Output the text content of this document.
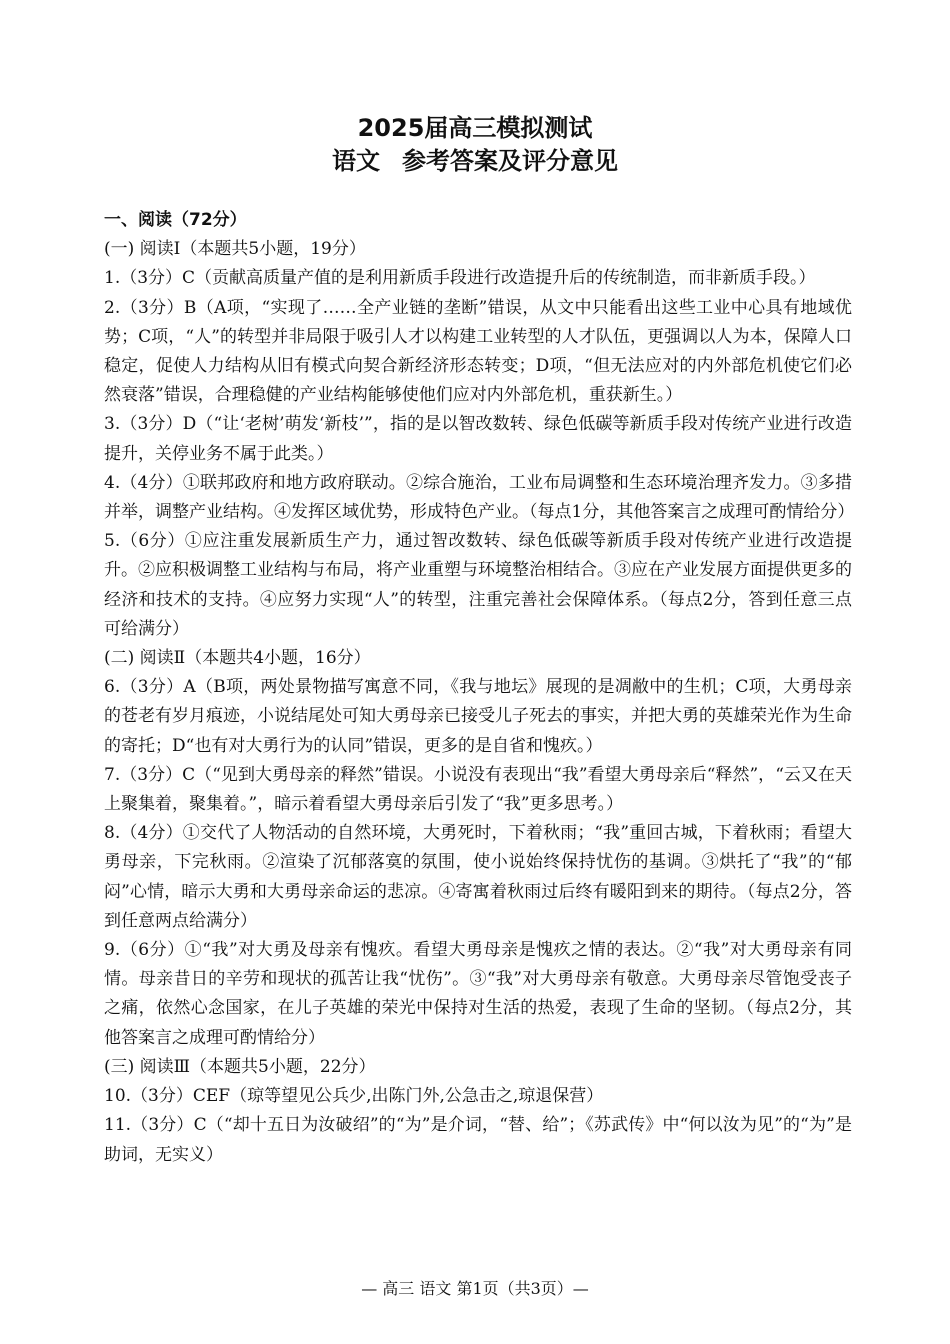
2025届高三模拟测试
语文 参考答案及评分意见

一、阅读（72分）

(一) 阅读Ⅰ（本题共5小题，19分）

1.（3分）C（贡献高质量产值的是利用新质手段进行改造提升后的传统制造，而非新质手段。）

2.（3分）B（A项，“实现了……全产业链的垄断”错误，从文中只能看出这些工业中心具有地域优势；C项，“人”的转型并非局限于吸引人才以构建工业转型的人才队伍，更强调以人为本，保障人口稳定，促使人力结构从旧有模式向契合新经济形态转变；D项，“但无法应对的内外部危机使它们必然衰落”错误，合理稳健的产业结构能够使他们应对内外部危机，重获新生。）

3.（3分）D（“让‘老树’萌发‘新枝’”，指的是以智改数转、绿色低碳等新质手段对传统产业进行改造提升，关停业务不属于此类。）

4.（4分）①联邦政府和地方政府联动。②综合施治，工业布局调整和生态环境治理齐发力。③多措并举，调整产业结构。④发挥区域优势，形成特色产业。（每点1分，其他答案言之成理可酌情给分）

5.（6分）①应注重发展新质生产力，通过智改数转、绿色低碳等新质手段对传统产业进行改造提升。②应积极调整工业结构与布局，将产业重塑与环境整治相结合。③应在产业发展方面提供更多的经济和技术的支持。④应努力实现“人”的转型，注重完善社会保障体系。（每点2分，答到任意三点可给满分）

(二) 阅读Ⅱ（本题共4小题，16分）

6.（3分）A（B项，两处景物描写寓意不同，《我与地坛》展现的是凋敝中的生机；C项，大勇母亲的苍老有岁月痕迹，小说结尾处可知大勇母亲已接受儿子死去的事实，并把大勇的英雄荣光作为生命的寄托；D“也有对大勇行为的认同”错误，更多的是自省和愧疚。）

7.（3分）C（“见到大勇母亲的释然”错误。小说没有表现出“我”看望大勇母亲后“释然”，“云又在天上聚集着，聚集着。”，暗示着看望大勇母亲后引发了“我”更多思考。）

8.（4分）①交代了人物活动的自然环境，大勇死时，下着秋雨；“我”重回古城，下着秋雨；看望大勇母亲，下完秋雨。②渲染了沉郁落寞的氛围，使小说始终保持忧伤的基调。③烘托了“我”的“郁闷”心情，暗示大勇和大勇母亲命运的悲凉。④寄寓着秋雨过后终有暖阳到来的期待。（每点2分，答到任意两点给满分）

9.（6分）①“我”对大勇及母亲有愧疚。看望大勇母亲是愧疚之情的表达。②“我”对大勇母亲有同情。母亲昔日的辛劳和现状的孤苦让我“忧伤”。③“我”对大勇母亲有敬意。大勇母亲尽管饱受丧子之痛，依然心念国家，在儿子英雄的荣光中保持对生活的热爱，表现了生命的坚韧。（每点2分，其他答案言之成理可酌情给分）

(三) 阅读Ⅲ（本题共5小题，22分）

10.（3分）CEF（琼等望见公兵少,出陈门外,公急击之,琼退保营）

11.（3分）C（“却十五日为汝破绍”的“为”是介词，“替、给”；《苏武传》中“何以汝为见”的“为”是助词，无实义）

— 高三 语文 第1页（共3页）—
